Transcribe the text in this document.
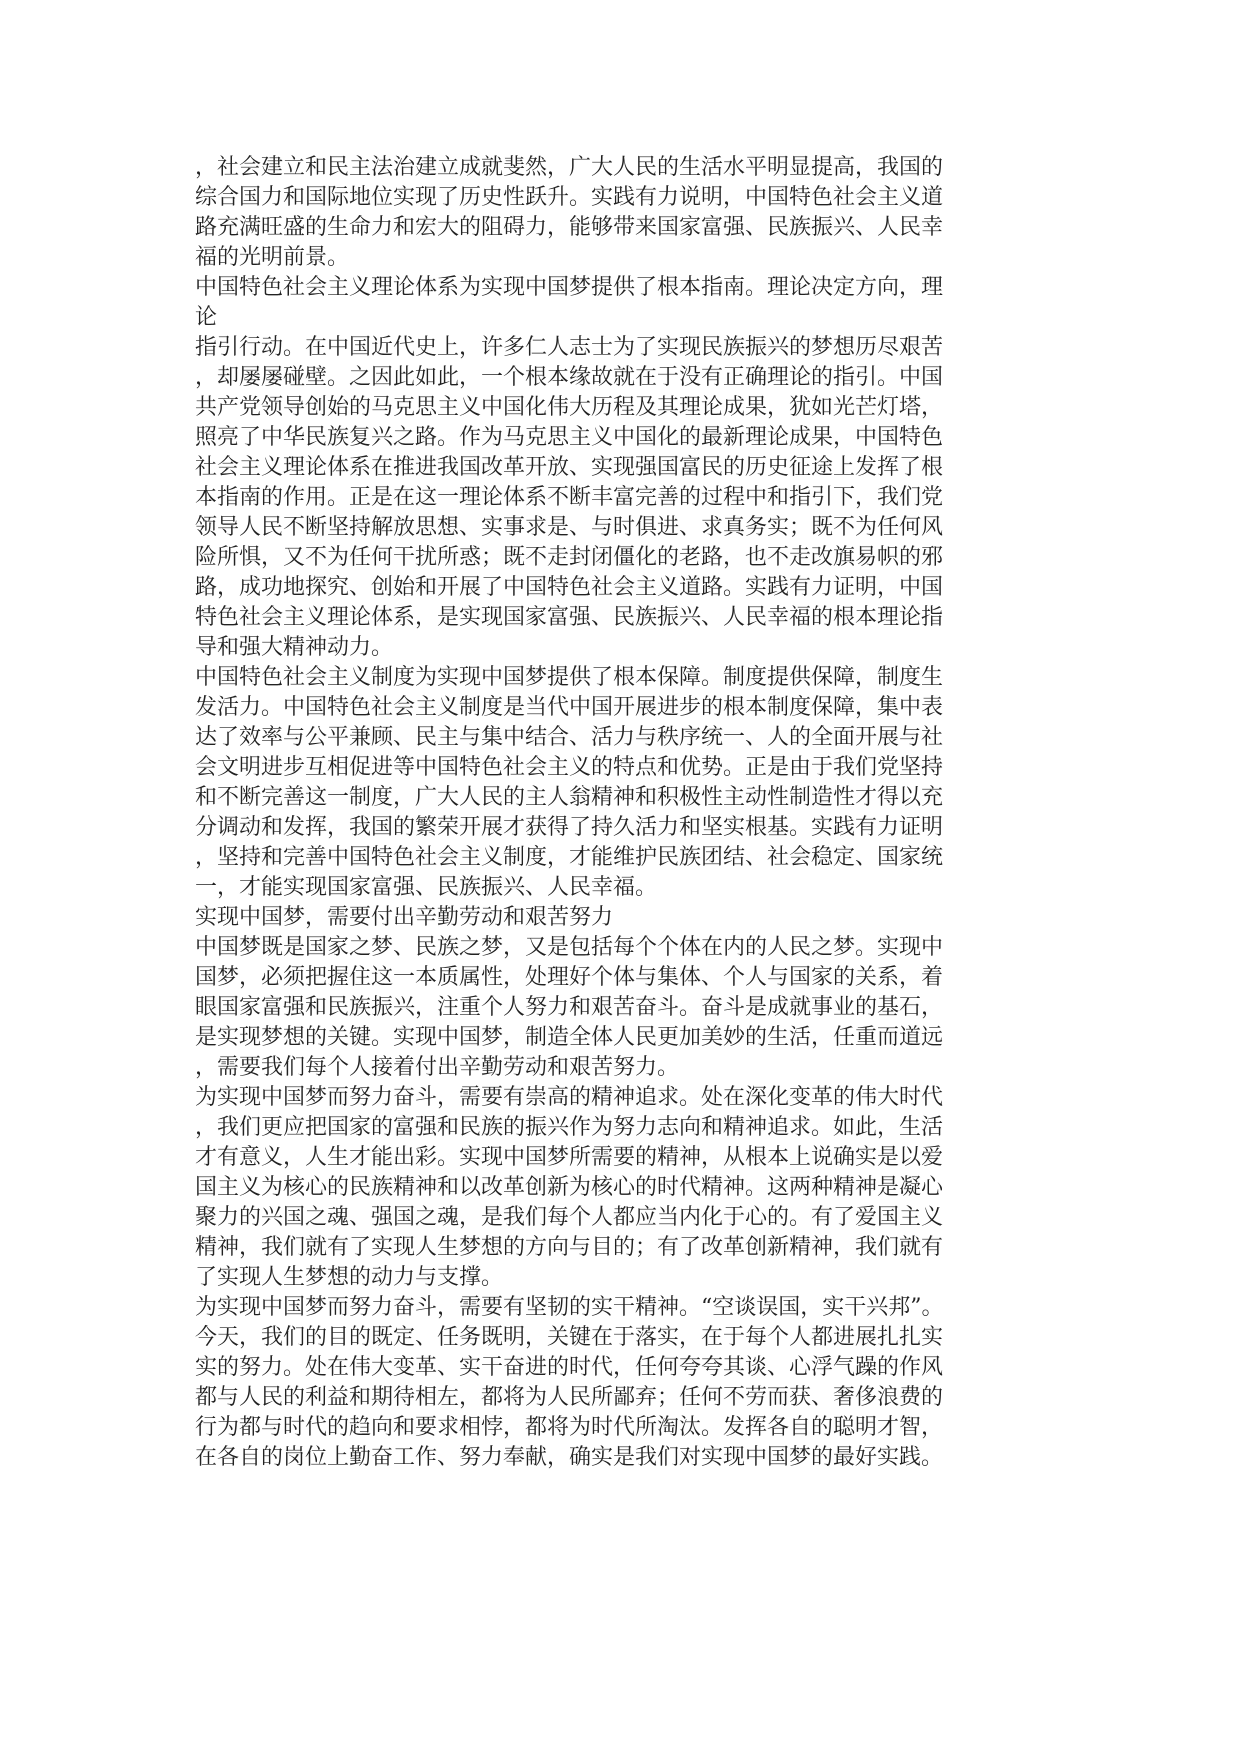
，社会建立和民主法治建立成就斐然，广大人民的生活水平明显提高，我国的
综合国力和国际地位实现了历史性跃升。实践有力说明，中国特色社会主义道
路充满旺盛的生命力和宏大的阻碍力，能够带来国家富强、民族振兴、人民幸
福的光明前景。
中国特色社会主义理论体系为实现中国梦提供了根本指南。理论决定方向，理
论
指引行动。在中国近代史上，许多仁人志士为了实现民族振兴的梦想历尽艰苦
，却屡屡碰壁。之因此如此，一个根本缘故就在于没有正确理论的指引。中国
共产党领导创始的马克思主义中国化伟大历程及其理论成果，犹如光芒灯塔，
照亮了中华民族复兴之路。作为马克思主义中国化的最新理论成果，中国特色
社会主义理论体系在推进我国改革开放、实现强国富民的历史征途上发挥了根
本指南的作用。正是在这一理论体系不断丰富完善的过程中和指引下，我们党
领导人民不断坚持解放思想、实事求是、与时俱进、求真务实；既不为任何风
险所惧，又不为任何干扰所惑；既不走封闭僵化的老路，也不走改旗易帜的邪
路，成功地探究、创始和开展了中国特色社会主义道路。实践有力证明，中国
特色社会主义理论体系，是实现国家富强、民族振兴、人民幸福的根本理论指
导和强大精神动力。
中国特色社会主义制度为实现中国梦提供了根本保障。制度提供保障，制度生
发活力。中国特色社会主义制度是当代中国开展进步的根本制度保障，集中表
达了效率与公平兼顾、民主与集中结合、活力与秩序统一、人的全面开展与社
会文明进步互相促进等中国特色社会主义的特点和优势。正是由于我们党坚持
和不断完善这一制度，广大人民的主人翁精神和积极性主动性制造性才得以充
分调动和发挥，我国的繁荣开展才获得了持久活力和坚实根基。实践有力证明
，坚持和完善中国特色社会主义制度，才能维护民族团结、社会稳定、国家统
一，才能实现国家富强、民族振兴、人民幸福。
实现中国梦，需要付出辛勤劳动和艰苦努力
中国梦既是国家之梦、民族之梦，又是包括每个个体在内的人民之梦。实现中
国梦，必须把握住这一本质属性，处理好个体与集体、个人与国家的关系，着
眼国家富强和民族振兴，注重个人努力和艰苦奋斗。奋斗是成就事业的基石，
是实现梦想的关键。实现中国梦，制造全体人民更加美妙的生活，任重而道远
，需要我们每个人接着付出辛勤劳动和艰苦努力。
为实现中国梦而努力奋斗，需要有崇高的精神追求。处在深化变革的伟大时代
，我们更应把国家的富强和民族的振兴作为努力志向和精神追求。如此，生活
才有意义，人生才能出彩。实现中国梦所需要的精神，从根本上说确实是以爱
国主义为核心的民族精神和以改革创新为核心的时代精神。这两种精神是凝心
聚力的兴国之魂、强国之魂，是我们每个人都应当内化于心的。有了爱国主义
精神，我们就有了实现人生梦想的方向与目的；有了改革创新精神，我们就有
了实现人生梦想的动力与支撑。
为实现中国梦而努力奋斗，需要有坚韧的实干精神。“空谈误国，实干兴邦”。
今天，我们的目的既定、任务既明，关键在于落实，在于每个人都进展扎扎实
实的努力。处在伟大变革、实干奋进的时代，任何夸夸其谈、心浮气躁的作风
都与人民的利益和期待相左，都将为人民所鄙弃；任何不劳而获、奢侈浪费的
行为都与时代的趋向和要求相悖，都将为时代所淘汰。发挥各自的聪明才智，
在各自的岗位上勤奋工作、努力奉献，确实是我们对实现中国梦的最好实践。
